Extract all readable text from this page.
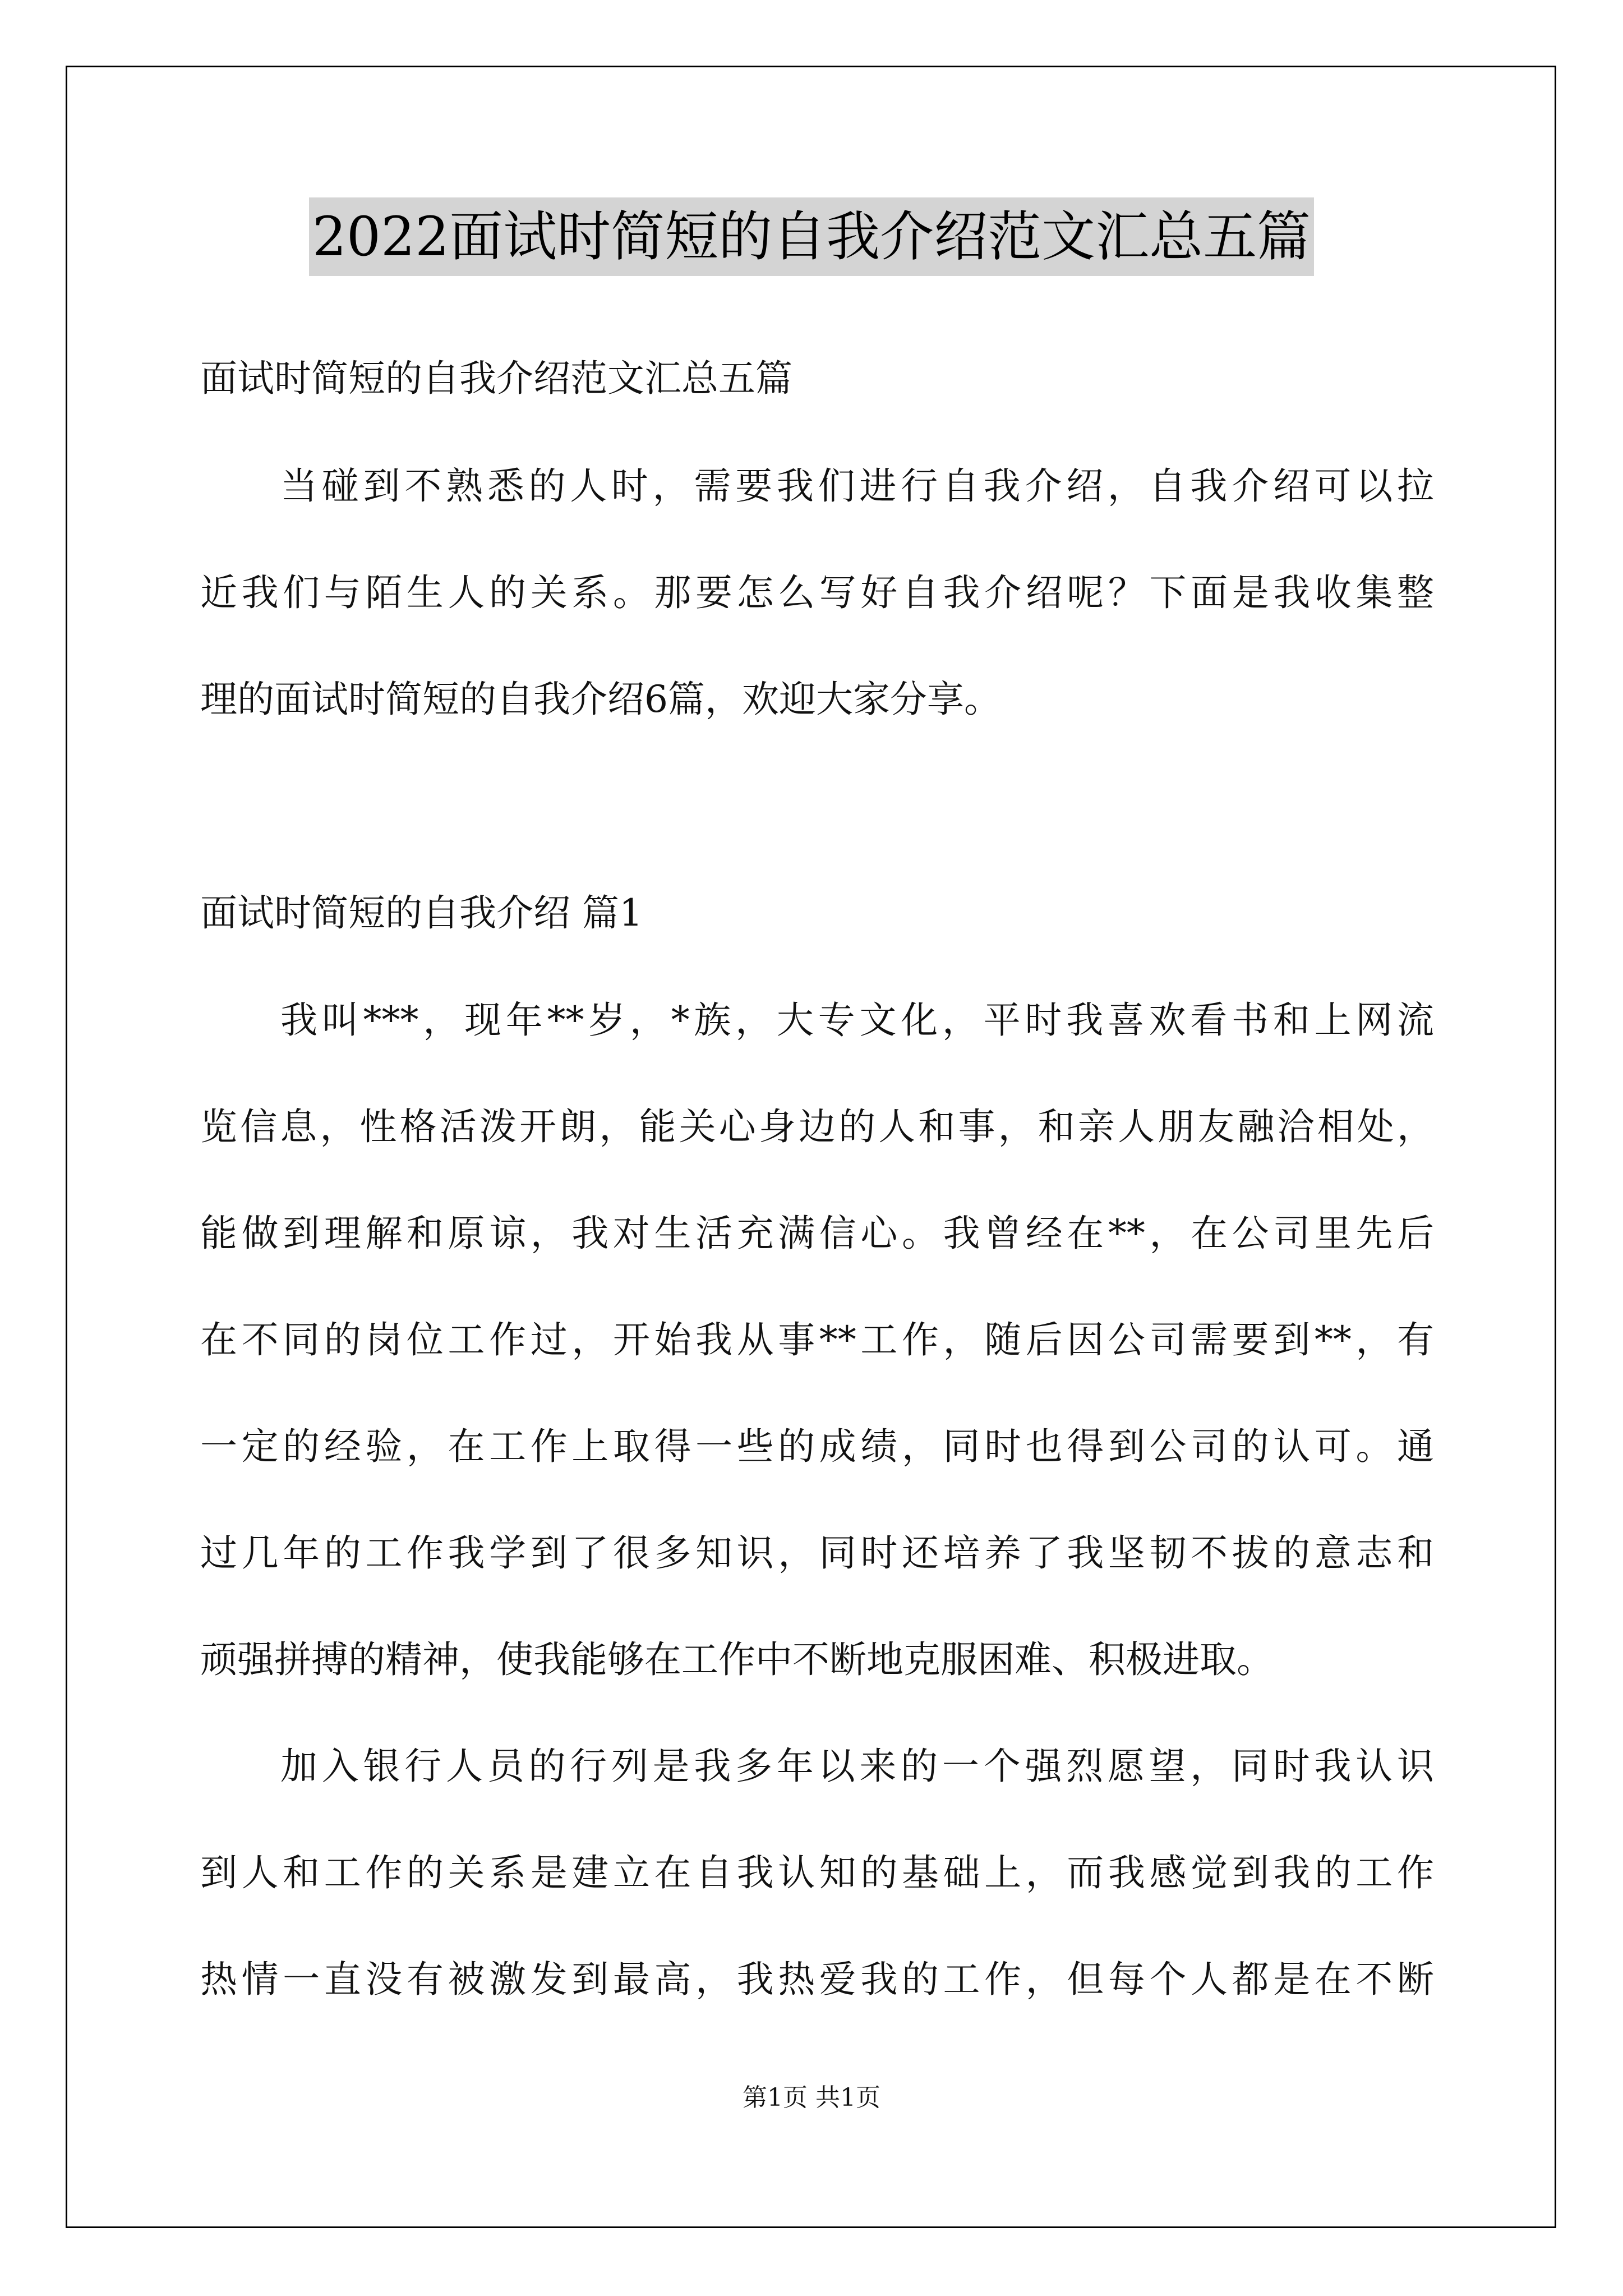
2022面试时简短的自我介绍范文汇总五篇
面试时简短的自我介绍范文汇总五篇
当碰到不熟悉的人时，需要我们进行自我介绍，自我介绍可以拉
近我们与陌生人的关系。那要怎么写好自我介绍呢？下面是我收集整
理的面试时简短的自我介绍6篇，欢迎大家分享。
面试时简短的自我介绍 篇1
我叫***，现年**岁，*族，大专文化，平时我喜欢看书和上网流
览信息，性格活泼开朗，能关心身边的人和事，和亲人朋友融洽相处，
能做到理解和原谅，我对生活充满信心。我曾经在**，在公司里先后
在不同的岗位工作过，开始我从事**工作，随后因公司需要到**，有
一定的经验，在工作上取得一些的成绩，同时也得到公司的认可。通
过几年的工作我学到了很多知识，同时还培养了我坚韧不拔的意志和
顽强拼搏的精神，使我能够在工作中不断地克服困难、积极进取。
加入银行人员的行列是我多年以来的一个强烈愿望，同时我认识
到人和工作的关系是建立在自我认知的基础上，而我感觉到我的工作
热情一直没有被激发到最高，我热爱我的工作，但每个人都是在不断
第1页 共1页
